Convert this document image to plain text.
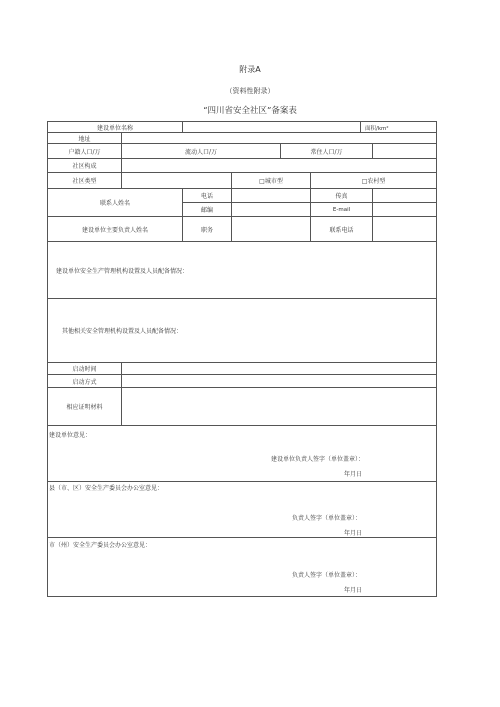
附录A
（资料性附录）
“四川省安全社区”备案表
建设单位名称						面积/km²	
地址							
户籍人口/万	流动人口/万			常住人口/万			
社区构成							
社区类型			□城市型		□农村型		
联系人姓名		电话			传真		
		邮编			E-mail		
建设单位主要负责人姓名		职务			联系电话		
建设单位安全生产管理机构设置及人员配备情况：							
其他相关安全管理机构设置及人员配备情况：							
启动时间							
启动方式							
相应证明材料							

建设单位意见：
建设单位负责人签字（单位盖章）：
年月日							

县（市、区）安全生产委员会办公室意见：
负责人签字（单位盖章）：
年月日							

市（州）安全生产委员会办公室意见：
负责人签字（单位盖章）：
年月日							
